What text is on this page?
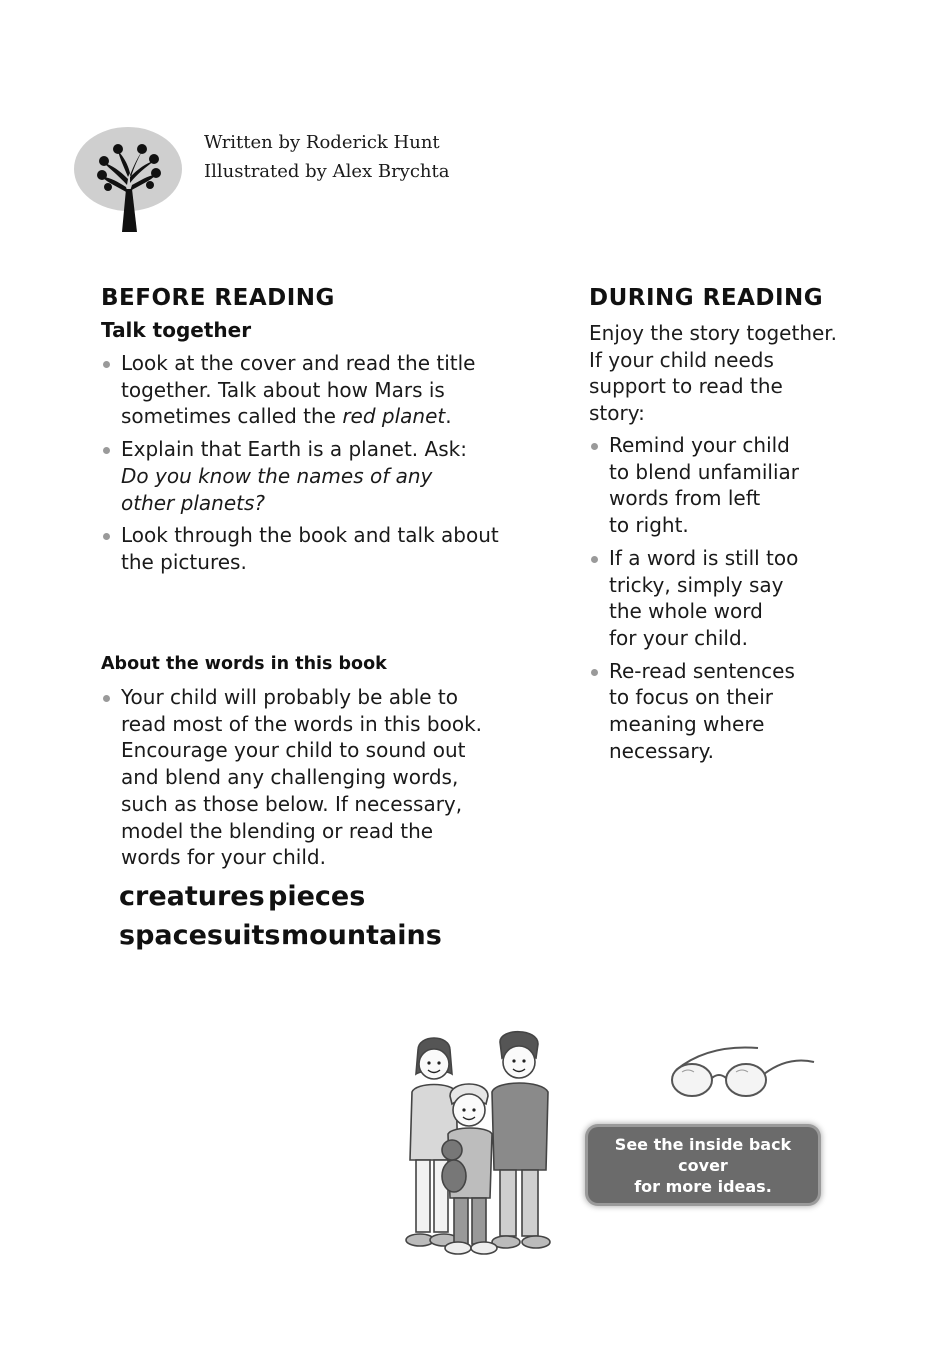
Written by Roderick Hunt
Illustrated by Alex Brychta
BEFORE READING
Talk together
Look at the cover and read the title
together. Talk about how Mars is
sometimes called the red planet.
Explain that Earth is a planet. Ask:
Do you know the names of any
other planets?
Look through the book and talk about
the pictures.
About the words in this book
Your child will probably be able to
read most of the words in this book.
Encourage your child to sound out
and blend any challenging words,
such as those below. If necessary,
model the blending or read the
words for your child.
creatures pieces
spacesuits mountains
DURING READING
Enjoy the story together.
If your child needs
support to read the
story:
Remind your child
to blend unfamiliar
words from left
to right.
If a word is still too
tricky, simply say
the whole word
for your child.
Re-read sentences
to focus on their
meaning where
necessary.
See the inside back cover
for more ideas.
